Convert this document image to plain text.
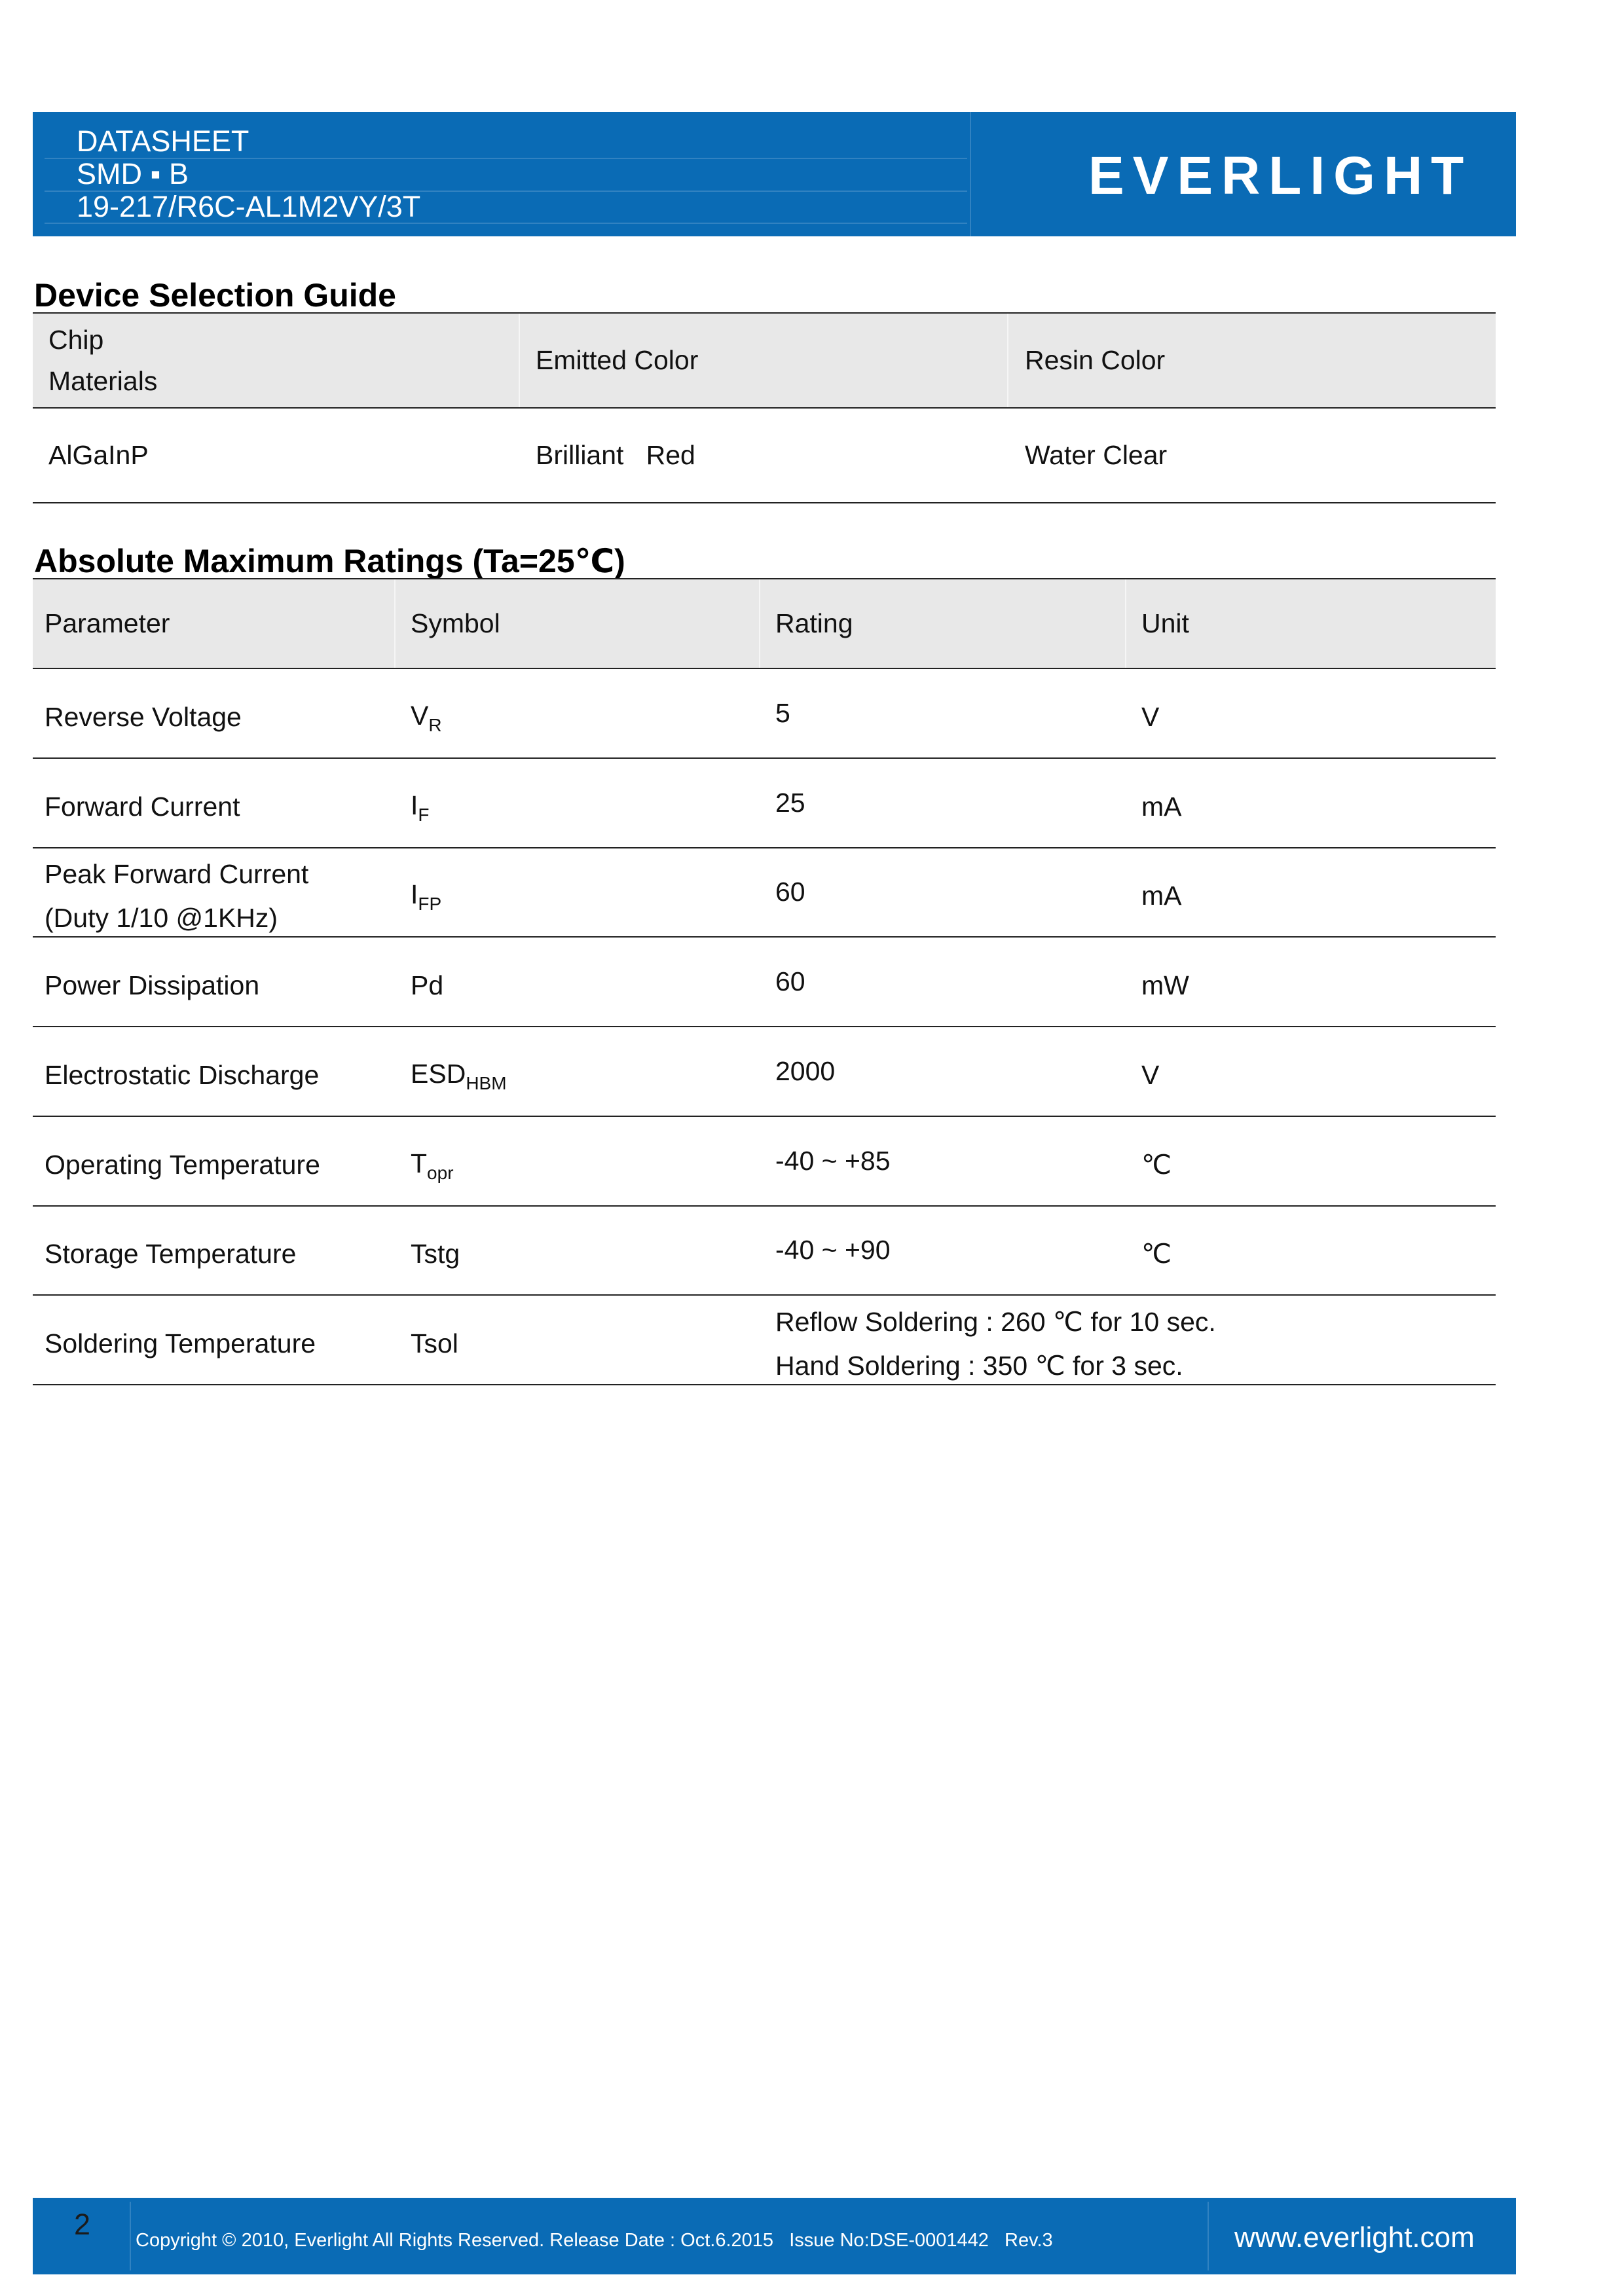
DATASHEET
SMD ▪ B
19-217/R6C-AL1M2VY/3T
EVERLIGHT
Device Selection Guide
Chip
Materials
Emitted Color	Resin Color
AlGaInP	Brilliant   Red	Water Clear
Absolute Maximum Ratings (Ta=25℃)
Parameter	Symbol	Rating	Unit
Reverse Voltage	$V_R$	5	V
Forward Current	$I_F$	25	mA
Peak Forward Current
(Duty 1/10 @1KHz)
$I_{FP}$	60	mA
Power Dissipation	Pd	60	mW
Electrostatic Discharge	$ESD_{HBM}$	2000	V
Operating Temperature	$T_{opr}$	-40 ~ +85	℃
Storage Temperature	Tstg	-40 ~ +90	℃
Soldering Temperature	Tsol
Reflow Soldering : 260 ℃ for 10 sec.
Hand Soldering : 350 ℃ for 3 sec.
2 Copyright © 2010, Everlight All Rights Reserved. Release Date : Oct.6.2015   Issue No:DSE-0001442   Rev.3	www.everlight.com
